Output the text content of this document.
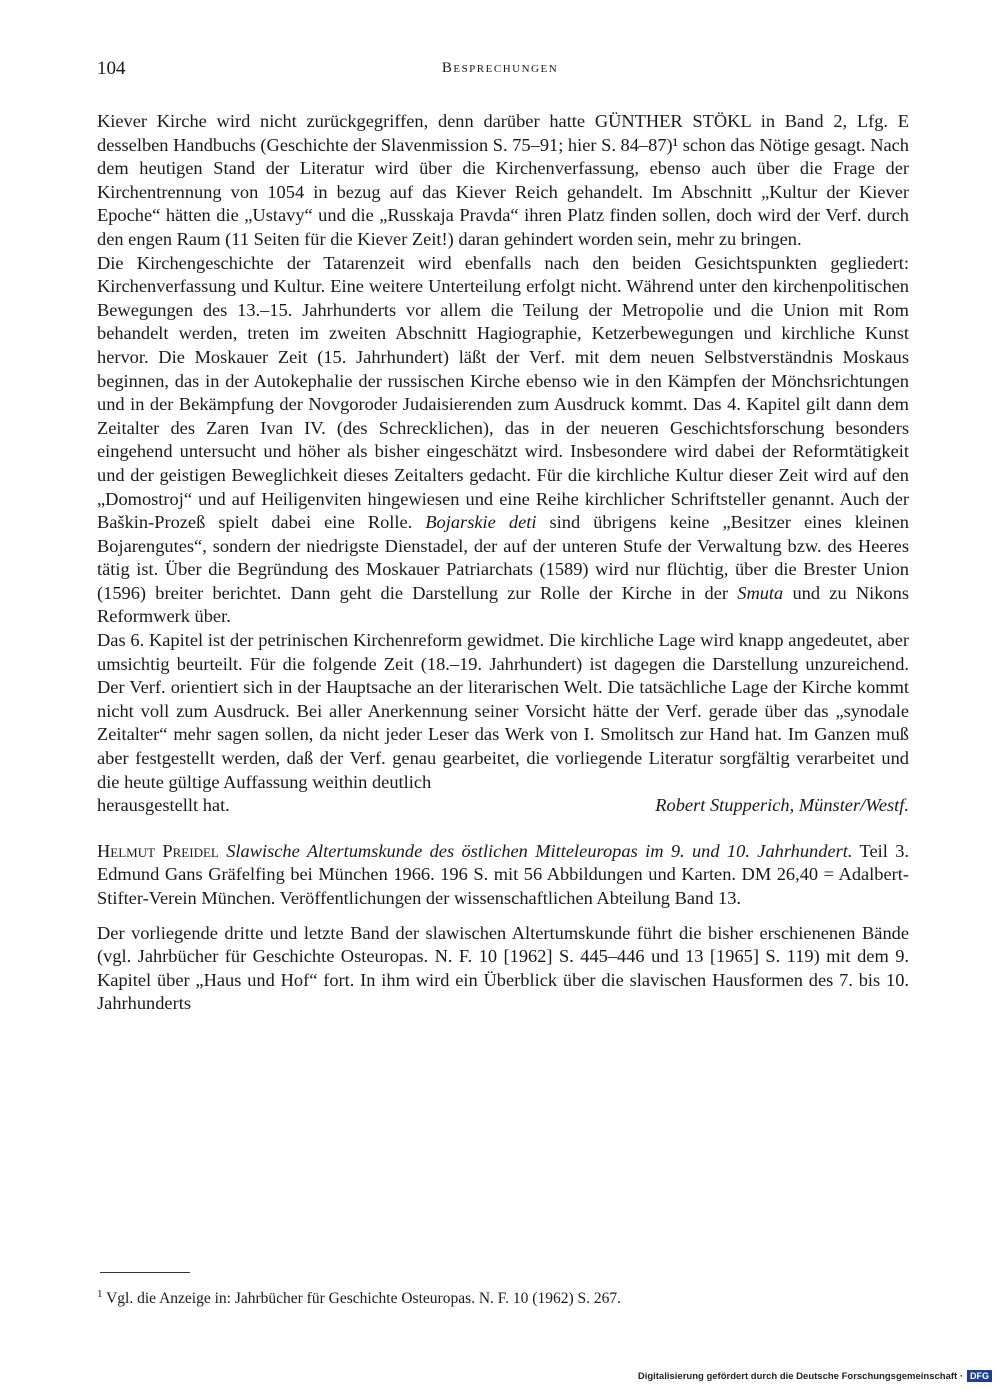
104	Besprechungen

Kiever Kirche wird nicht zurückgegriffen, denn darüber hatte GÜNTHER STÖKL in Band 2, Lfg. E desselben Handbuchs (Geschichte der Slavenmission S. 75–91; hier S. 84–87)¹ schon das Nötige gesagt. Nach dem heutigen Stand der Literatur wird über die Kirchenverfassung, ebenso auch über die Frage der Kirchentrennung von 1054 in bezug auf das Kiever Reich gehandelt. Im Abschnitt „Kultur der Kiever Epoche“ hätten die „Ustavy“ und die „Russkaja Pravda“ ihren Platz finden sollen, doch wird der Verf. durch den engen Raum (11 Seiten für die Kiever Zeit!) daran gehindert worden sein, mehr zu bringen.

Die Kirchengeschichte der Tatarenzeit wird ebenfalls nach den beiden Gesichtspunkten gegliedert: Kirchenverfassung und Kultur. Eine weitere Unterteilung erfolgt nicht. Während unter den kirchenpolitischen Bewegungen des 13.–15. Jahrhunderts vor allem die Teilung der Metropolie und die Union mit Rom behandelt werden, treten im zweiten Abschnitt Hagiographie, Ketzerbewegungen und kirchliche Kunst hervor. Die Moskauer Zeit (15. Jahrhundert) läßt der Verf. mit dem neuen Selbstverständnis Moskaus beginnen, das in der Autokephalie der russischen Kirche ebenso wie in den Kämpfen der Mönchsrichtungen und in der Bekämpfung der Novgoroder Judaisierenden zum Ausdruck kommt. Das 4. Kapitel gilt dann dem Zeitalter des Zaren Ivan IV. (des Schrecklichen), das in der neueren Geschichtsforschung besonders eingehend untersucht und höher als bisher eingeschätzt wird. Insbesondere wird dabei der Reformtätigkeit und der geistigen Beweglichkeit dieses Zeitalters gedacht. Für die kirchliche Kultur dieser Zeit wird auf den „Domostroj“ und auf Heiligenviten hingewiesen und eine Reihe kirchlicher Schriftsteller genannt. Auch der Baškin-Prozeß spielt dabei eine Rolle. Bojarskie deti sind übrigens keine „Besitzer eines kleinen Bojarengutes“, sondern der niedrigste Dienstadel, der auf der unteren Stufe der Verwaltung bzw. des Heeres tätig ist. Über die Begründung des Moskauer Patriarchats (1589) wird nur flüchtig, über die Brester Union (1596) breiter berichtet. Dann geht die Darstellung zur Rolle der Kirche in der Smuta und zu Nikons Reformwerk über.

Das 6. Kapitel ist der petrinischen Kirchenreform gewidmet. Die kirchliche Lage wird knapp angedeutet, aber umsichtig beurteilt. Für die folgende Zeit (18.–19. Jahrhundert) ist dagegen die Darstellung unzureichend. Der Verf. orientiert sich in der Hauptsache an der literarischen Welt. Die tatsächliche Lage der Kirche kommt nicht voll zum Ausdruck. Bei aller Anerkennung seiner Vorsicht hätte der Verf. gerade über das „synodale Zeitalter“ mehr sagen sollen, da nicht jeder Leser das Werk von I. Smolitsch zur Hand hat. Im Ganzen muß aber festgestellt werden, daß der Verf. genau gearbeitet, die vorliegende Literatur sorgfältig verarbeitet und die heute gültige Auffassung weithin deutlich

herausgestellt hat.	Robert Stupperich, Münster/Westf.

Helmut Preidel Slawische Altertumskunde des östlichen Mitteleuropas im 9. und 10. Jahrhundert. Teil 3. Edmund Gans Gräfelfing bei München 1966. 196 S. mit 56 Abbildungen und Karten. DM 26,40 = Adalbert-Stifter-Verein München. Veröffentlichungen der wissenschaftlichen Abteilung Band 13.

Der vorliegende dritte und letzte Band der slawischen Altertumskunde führt die bisher erschienenen Bände (vgl. Jahrbücher für Geschichte Osteuropas. N. F. 10 [1962] S. 445–446 und 13 [1965] S. 119) mit dem 9. Kapitel über „Haus und Hof“ fort. In ihm wird ein Überblick über die slavischen Hausformen des 7. bis 10. Jahrhunderts

$^1$ Vgl. die Anzeige in: Jahrbücher für Geschichte Osteuropas. N. F. 10 (1962) S. 267.
Digitalisierung gefördert durch die Deutsche Forschungsgemeinschaft · DFG
